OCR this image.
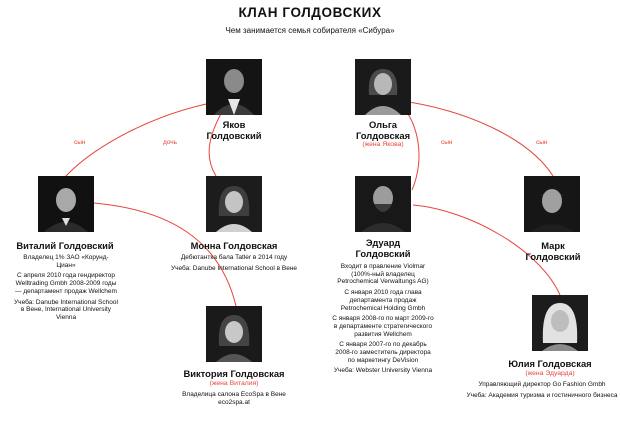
КЛАН ГОЛДОВСКИХ
Чем занимается семья собирателя «Сибура»
сын	дочь	сын	сын
Яков
Голдовский
Ольга
Голдовская
(жена Якова)
Виталий Голдовский

Владелец 1% ЗАО «Корунд-Циан»

С апреля 2010 года гендиректор Welltrading Gmbh 2008-2009 годы — департамент продаж Wellchem

Учеба: Danube International School в Вене, International University Vienna

Монна Голдовская

Дебютантка бала Tatler в 2014 году

Учеба: Danube International School в Вене

Эдуард
Голдовский

Входит в правление Violmar (100%-ный владелец Petrochemical Verwaltungs AG)

С января 2010 года глава департамента продаж Petrochemical Holding Gmbh

С января 2008-го по март 2009-го в департаменте стратегического развития Wellchem

С января 2007-го по декабрь 2008-го заместитель директора по маркетингу DeVision

Учеба: Webster University Vienna

Марк
Голдовский
Виктория Голдовская
(жена Виталия)

Владелица салона EcoSpa в Вене eco2spa.at

Юлия Голдовская
(жена Эдуарда)

Управляющий директор Go Fashion Gmbh

Учеба: Академия туризма и гостиничного бизнеса
